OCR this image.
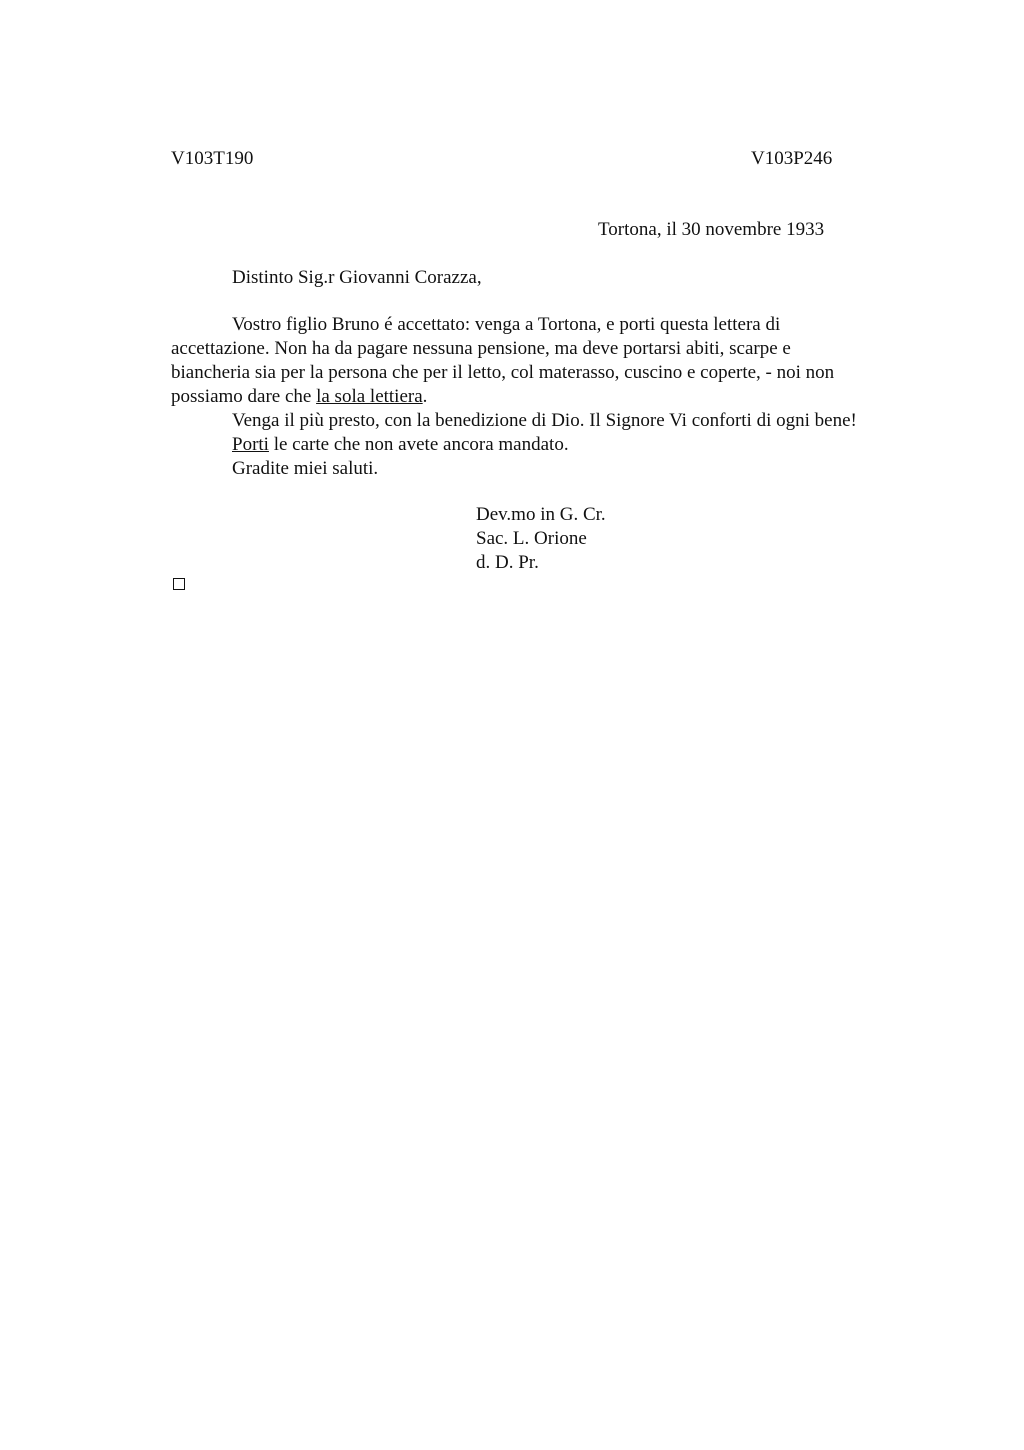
V103T190	V103P246
Tortona, il 30 novembre 1933
Distinto Sig.r Giovanni Corazza,

Vostro figlio Bruno é accettato: venga a Tortona, e porti questa lettera di

accettazione. Non ha da pagare nessuna pensione, ma deve portarsi abiti, scarpe e

biancheria sia per la persona che per il letto, col materasso, cuscino e coperte, - noi non

possiamo dare che la sola lettiera.

Venga il più presto, con la benedizione di Dio. Il Signore Vi conforti di ogni bene!

Porti le carte che non avete ancora mandato.

Gradite miei saluti.

Dev.mo in G. Cr.
Sac. L. Orione
d. D. Pr.
